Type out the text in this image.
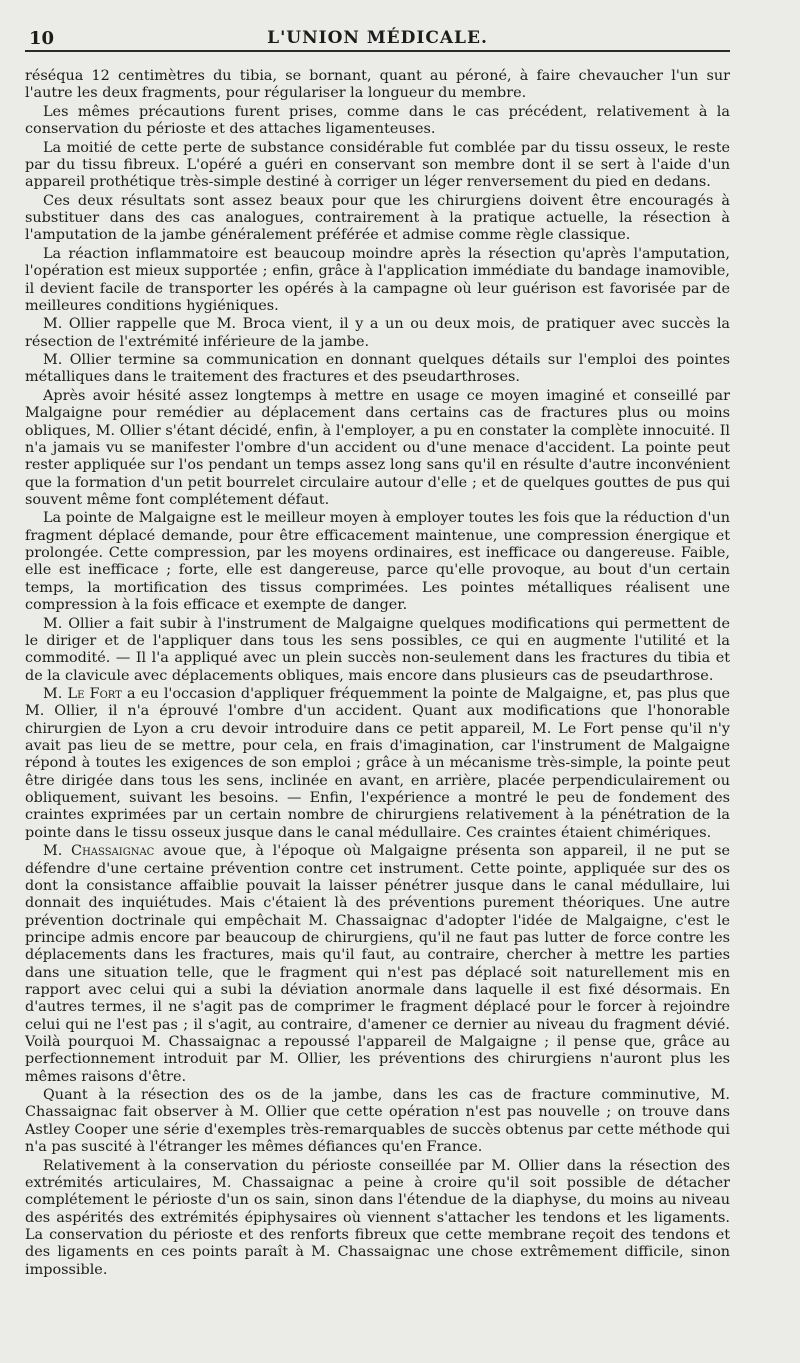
10	L'UNION MÉDICALE.

réséqua 12 centimètres du tibia, se bornant, quant au péroné, à faire chevaucher l'un sur l'autre les deux fragments, pour régulariser la longueur du membre.

Les mêmes précautions furent prises, comme dans le cas précédent, relativement à la conservation du périoste et des attaches ligamenteuses.

La moitié de cette perte de substance considérable fut comblée par du tissu osseux, le reste par du tissu fibreux. L'opéré a guéri en conservant son membre dont il se sert à l'aide d'un appareil prothétique très-simple destiné à corriger un léger renversement du pied en dedans.

Ces deux résultats sont assez beaux pour que les chirurgiens doivent être encouragés à substituer dans des cas analogues, contrairement à la pratique actuelle, la résection à l'amputation de la jambe généralement préférée et admise comme règle classique.

La réaction inflammatoire est beaucoup moindre après la résection qu'après l'amputation, l'opération est mieux supportée ; enfin, grâce à l'application immédiate du bandage inamovible, il devient facile de transporter les opérés à la campagne où leur guérison est favorisée par de meilleures conditions hygiéniques.

M. Ollier rappelle que M. Broca vient, il y a un ou deux mois, de pratiquer avec succès la résection de l'extrémité inférieure de la jambe.

M. Ollier termine sa communication en donnant quelques détails sur l'emploi des pointes métalliques dans le traitement des fractures et des pseudarthroses.

Après avoir hésité assez longtemps à mettre en usage ce moyen imaginé et conseillé par Malgaigne pour remédier au déplacement dans certains cas de fractures plus ou moins obliques, M. Ollier s'étant décidé, enfin, à l'employer, a pu en constater la complète innocuité. Il n'a jamais vu se manifester l'ombre d'un accident ou d'une menace d'accident. La pointe peut rester appliquée sur l'os pendant un temps assez long sans qu'il en résulte d'autre inconvénient que la formation d'un petit bourrelet circulaire autour d'elle ; et de quelques gouttes de pus qui souvent même font complétement défaut.

La pointe de Malgaigne est le meilleur moyen à employer toutes les fois que la réduction d'un fragment déplacé demande, pour être efficacement maintenue, une compression énergique et prolongée. Cette compression, par les moyens ordinaires, est inefficace ou dangereuse. Faible, elle est inefficace ; forte, elle est dangereuse, parce qu'elle provoque, au bout d'un certain temps, la mortification des tissus comprimées. Les pointes métalliques réalisent une compression à la fois efficace et exempte de danger.

M. Ollier a fait subir à l'instrument de Malgaigne quelques modifications qui permettent de le diriger et de l'appliquer dans tous les sens possibles, ce qui en augmente l'utilité et la commodité. — Il l'a appliqué avec un plein succès non-seulement dans les fractures du tibia et de la clavicule avec déplacements obliques, mais encore dans plusieurs cas de pseudarthrose.

M. Le Fort a eu l'occasion d'appliquer fréquemment la pointe de Malgaigne, et, pas plus que M. Ollier, il n'a éprouvé l'ombre d'un accident. Quant aux modifications que l'honorable chirurgien de Lyon a cru devoir introduire dans ce petit appareil, M. Le Fort pense qu'il n'y avait pas lieu de se mettre, pour cela, en frais d'imagination, car l'instrument de Malgaigne répond à toutes les exigences de son emploi ; grâce à un mécanisme très-simple, la pointe peut être dirigée dans tous les sens, inclinée en avant, en arrière, placée perpendiculairement ou obliquement, suivant les besoins. — Enfin, l'expérience a montré le peu de fondement des craintes exprimées par un certain nombre de chirurgiens relativement à la pénétration de la pointe dans le tissu osseux jusque dans le canal médullaire. Ces craintes étaient chimériques.

M. Chassaignac avoue que, à l'époque où Malgaigne présenta son appareil, il ne put se défendre d'une certaine prévention contre cet instrument. Cette pointe, appliquée sur des os dont la consistance affaiblie pouvait la laisser pénétrer jusque dans le canal médullaire, lui donnait des inquiétudes. Mais c'étaient là des préventions purement théoriques. Une autre prévention doctrinale qui empêchait M. Chassaignac d'adopter l'idée de Malgaigne, c'est le principe admis encore par beaucoup de chirurgiens, qu'il ne faut pas lutter de force contre les déplacements dans les fractures, mais qu'il faut, au contraire, chercher à mettre les parties dans une situation telle, que le fragment qui n'est pas déplacé soit naturellement mis en rapport avec celui qui a subi la déviation anormale dans laquelle il est fixé désormais. En d'autres termes, il ne s'agit pas de comprimer le fragment déplacé pour le forcer à rejoindre celui qui ne l'est pas ; il s'agit, au contraire, d'amener ce dernier au niveau du fragment dévié. Voilà pourquoi M. Chassaignac a repoussé l'appareil de Malgaigne ; il pense que, grâce au perfectionnement introduit par M. Ollier, les préventions des chirurgiens n'auront plus les mêmes raisons d'être.

Quant à la résection des os de la jambe, dans les cas de fracture comminutive, M. Chassaignac fait observer à M. Ollier que cette opération n'est pas nouvelle ; on trouve dans Astley Cooper une série d'exemples très-remarquables de succès obtenus par cette méthode qui n'a pas suscité à l'étranger les mêmes défiances qu'en France.

Relativement à la conservation du périoste conseillée par M. Ollier dans la résection des extrémités articulaires, M. Chassaignac a peine à croire qu'il soit possible de détacher complétement le périoste d'un os sain, sinon dans l'étendue de la diaphyse, du moins au niveau des aspérités des extrémités épiphysaires où viennent s'attacher les tendons et les ligaments. La conservation du périoste et des renforts fibreux que cette membrane reçoit des tendons et des ligaments en ces points paraît à M. Chassaignac une chose extrêmement difficile, sinon impossible.
